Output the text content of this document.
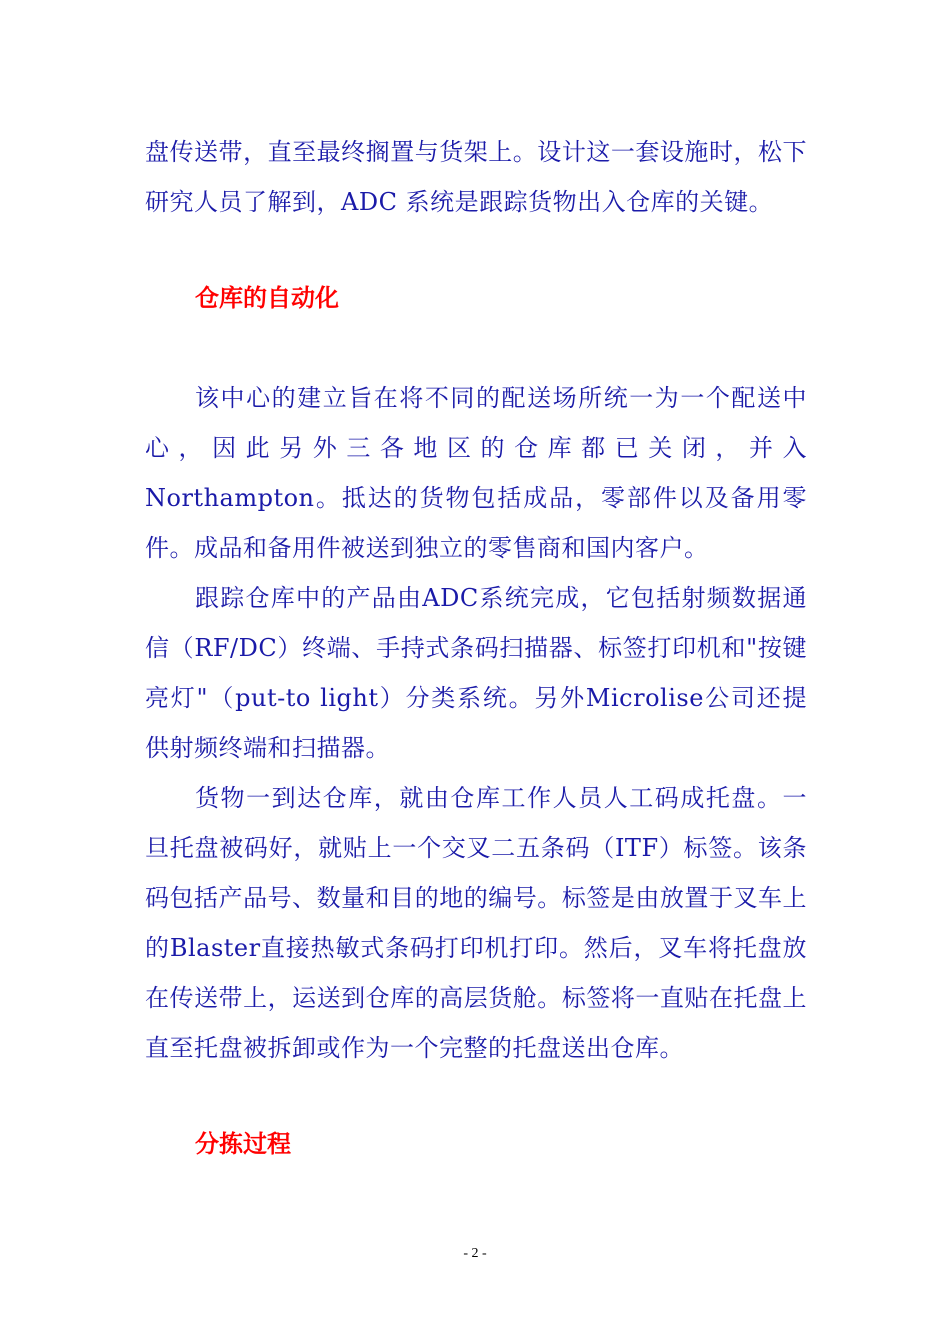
盘传送带，直至最终搁置与货架上。设计这一套设施时，松下研究人员了解到，ADC 系统是跟踪货物出入仓库的关键。

仓库的自动化

该中心的建立旨在将不同的配送场所统一为一个配送中心，因此另外三各地区的仓库都已关闭，并入Northampton。抵达的货物包括成品，零部件以及备用零件。成品和备用件被送到独立的零售商和国内客户。

跟踪仓库中的产品由ADC系统完成，它包括射频数据通信（RF/DC）终端、手持式条码扫描器、标签打印机和"按键亮灯"（put-to light）分类系统。另外Microlise公司还提供射频终端和扫描器。

货物一到达仓库，就由仓库工作人员人工码成托盘。一旦托盘被码好，就贴上一个交叉二五条码（ITF）标签。该条码包括产品号、数量和目的地的编号。标签是由放置于叉车上的Blaster直接热敏式条码打印机打印。然后，叉车将托盘放在传送带上，运送到仓库的高层货舱。标签将一直贴在托盘上直至托盘被拆卸或作为一个完整的托盘送出仓库。

分拣过程
- 2 -
